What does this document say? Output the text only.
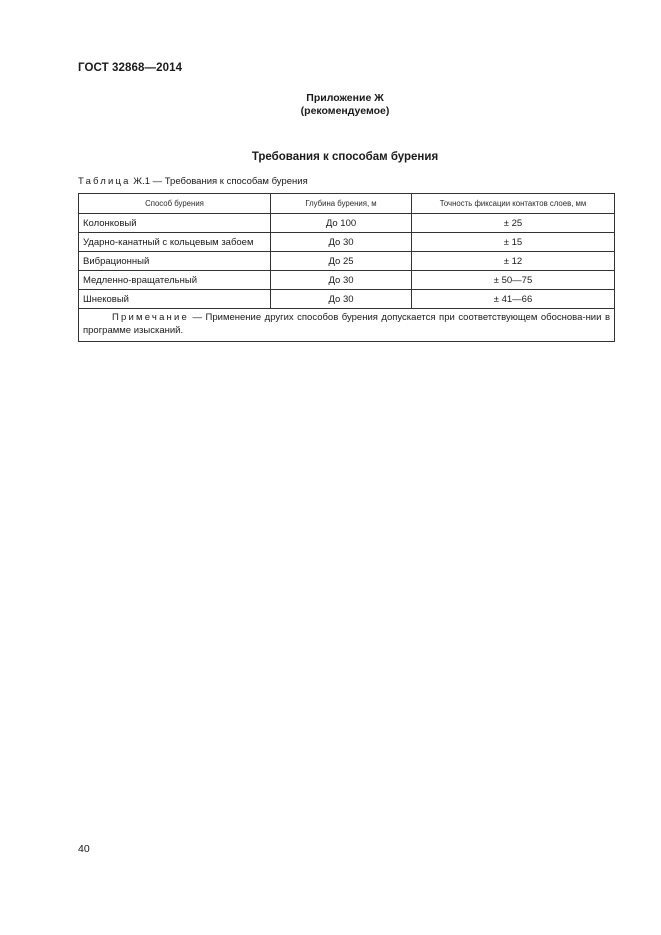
ГОСТ 32868—2014
Приложение Ж
(рекомендуемое)
Требования к способам бурения
Таблица Ж.1 — Требования к способам бурения
Способ бурения	Глубина бурения, м	Точность фиксации контактов слоев, мм
Колонковый	До 100	± 25
Ударно-канатный с кольцевым забоем	До 30	± 15
Вибрационный	До 25	± 12
Медленно-вращательный	До 30	± 50—75
Шнековый	До 30	± 41—66
Примечание — Применение других способов бурения допускается при соответствующем обоснова-нии в программе изысканий.		
40
